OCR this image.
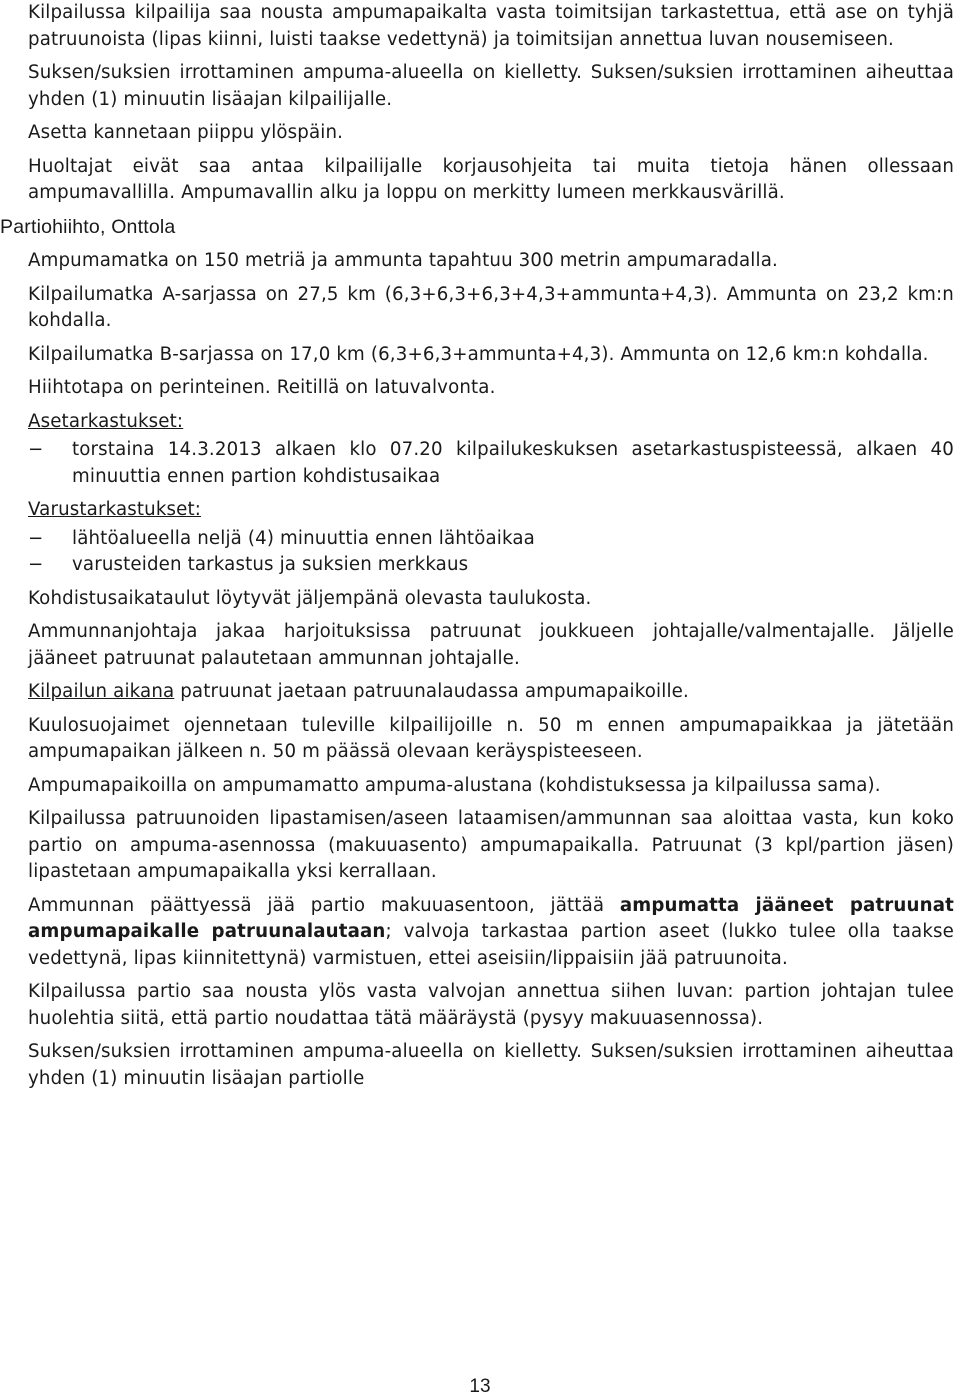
Kilpailussa kilpailija saa nousta ampumapaikalta vasta toimitsijan tarkastettua, että ase on tyhjä patruunoista (lipas kiinni, luisti taakse vedettynä) ja toimitsijan annettua luvan nousemiseen.

Suksen/suksien irrottaminen ampuma-alueella on kielletty. Suksen/suksien irrottaminen aiheuttaa yhden (1) minuutin lisäajan kilpailijalle.

Asetta kannetaan piippu ylöspäin.

Huoltajat eivät saa antaa kilpailijalle korjausohjeita tai muita tietoja hänen ollessaan ampumavallilla. Ampumavallin alku ja loppu on merkitty lumeen merkkausvärillä.

Partiohiihto, Onttola

Ampumamatka on 150 metriä ja ammunta tapahtuu 300 metrin ampumaradalla.

Kilpailumatka A-sarjassa on 27,5 km (6,3+6,3+6,3+4,3+ammunta+4,3). Ammunta on 23,2 km:n kohdalla.

Kilpailumatka B-sarjassa on 17,0 km (6,3+6,3+ammunta+4,3). Ammunta on 12,6 km:n kohdalla.

Hiihtotapa on perinteinen. Reitillä on latuvalvonta.

Asetarkastukset:
− torstaina 14.3.2013 alkaen klo 07.20 kilpailukeskuksen asetarkastuspisteessä, alkaen 40 minuuttia ennen partion kohdistusaikaa
Varustarkastukset:
− lähtöalueella neljä (4) minuuttia ennen lähtöaikaa
− varusteiden tarkastus ja suksien merkkaus

Kohdistusaikataulut löytyvät jäljempänä olevasta taulukosta.

Ammunnanjohtaja jakaa harjoituksissa patruunat joukkueen johtajalle/valmentajalle. Jäljelle jääneet patruunat palautetaan ammunnan johtajalle.

Kilpailun aikana patruunat jaetaan patruunalaudassa ampumapaikoille.

Kuulosuojaimet ojennetaan tuleville kilpailijoille n. 50 m ennen ampumapaikkaa ja jätetään ampumapaikan jälkeen n. 50 m päässä olevaan keräyspisteeseen.

Ampumapaikoilla on ampumamatto ampuma-alustana (kohdistuksessa ja kilpailussa sama).

Kilpailussa patruunoiden lipastamisen/aseen lataamisen/ammunnan saa aloittaa vasta, kun koko partio on ampuma-asennossa (makuuasento) ampumapaikalla. Patruunat (3 kpl/partion jäsen) lipastetaan ampumapaikalla yksi kerrallaan.

Ammunnan päättyessä jää partio makuuasentoon, jättää ampumatta jääneet patruunat ampumapaikalle patruunalautaan; valvoja tarkastaa partion aseet (lukko tulee olla taakse vedettynä, lipas kiinnitettynä) varmistuen, ettei aseisiin/lippaisiin jää patruunoita.

Kilpailussa partio saa nousta ylös vasta valvojan annettua siihen luvan: partion johtajan tulee huolehtia siitä, että partio noudattaa tätä määräystä (pysyy makuuasennossa).

Suksen/suksien irrottaminen ampuma-alueella on kielletty. Suksen/suksien irrottaminen aiheuttaa yhden (1) minuutin lisäajan partiolle

13
